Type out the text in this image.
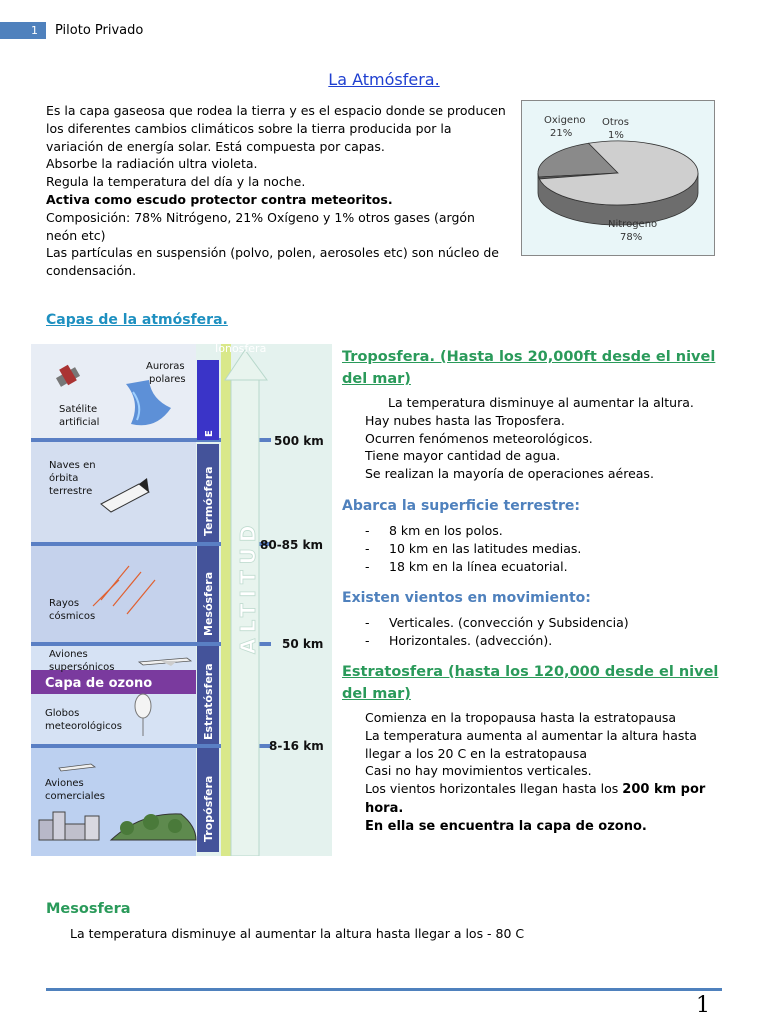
1	Piloto Privado
La Atmósfera.

Es la capa gaseosa que rodea la tierra y es el espacio donde se producen los diferentes cambios climáticos sobre la tierra producida por la variación de energía solar. Está compuesta por capas.

Absorbe la radiación ultra violeta.

Regula la temperatura del día y la noche.

Activa como escudo protector contra meteoritos.

Composición: 78% Nitrógeno, 21% Oxígeno y 1% otros gases (argón neón etc)

Las partículas en suspensión (polvo, polen, aerosoles etc) son núcleo de condensación.

Oxigeno
21%
Otros
1%
Nitrogeno
78%
Capas de la atmósfera.
Capa de ozono
ALTITUD
E
Termósfera
Mesósfera
Estratósfera
Tropósfera
Ionosfera
500 km
80-85 km
50 km
8-16 km
Auroras
polares
Satélite
artificial
Naves en
órbita
terrestre
Rayos
cósmicos
Aviones
supersónicos
Globos
meteorológicos
Aviones
comerciales
Troposfera. (Hasta los 20,000ft desde el nivel del mar)

La temperatura disminuye al aumentar la altura.

Hay nubes hasta las Troposfera.

Ocurren fenómenos meteorológicos.

Tiene mayor cantidad de agua.

Se realizan la mayoría de operaciones aéreas.

Abarca la superficie terrestre:
- 8 km en los polos.
- 10 km en las latitudes medias.
- 18 km en la línea ecuatorial.
Existen vientos en movimiento:
- Verticales. (convección y Subsidencia)
- Horizontales. (advección).
Estratosfera (hasta los 120,000 desde el nivel del mar)

Comienza en la tropopausa hasta la estratopausa

La temperatura aumenta al aumentar la altura hasta llegar a los 20 C en la estratopausa

Casi no hay movimientos verticales.

Los vientos horizontales llegan hasta los 200 km por hora.

En ella se encuentra la capa de ozono.

Mesosfera
La temperatura disminuye al aumentar la altura hasta llegar a los - 80 C
1
